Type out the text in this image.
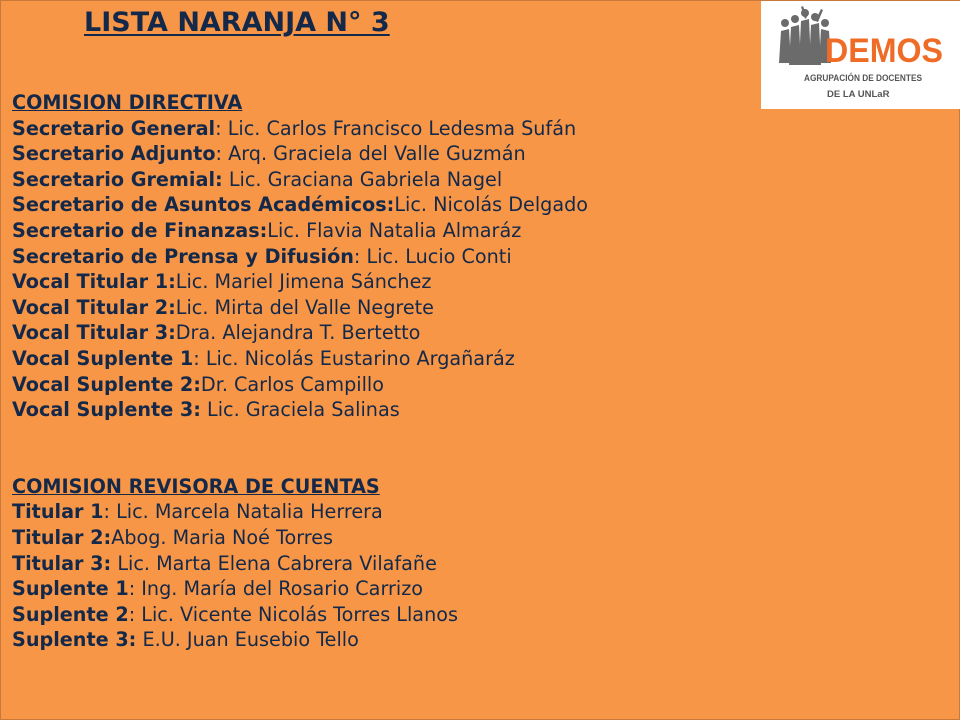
LISTA NARANJA N° 3
DEMOS
AGRUPACIÓN DE DOCENTES
DE LA UNLaR
COMISION DIRECTIVA
Secretario General: Lic. Carlos Francisco Ledesma Sufán
Secretario Adjunto: Arq. Graciela del Valle Guzmán
Secretario Gremial: Lic. Graciana Gabriela Nagel
Secretario de Asuntos Académicos:Lic. Nicolás Delgado
Secretario de Finanzas:Lic. Flavia Natalia Almaráz
Secretario de Prensa y Difusión: Lic. Lucio Conti
Vocal Titular 1:Lic. Mariel Jimena Sánchez
Vocal Titular 2:Lic. Mirta del Valle Negrete
Vocal Titular 3:Dra. Alejandra T. Bertetto
Vocal Suplente 1: Lic. Nicolás Eustarino Argañaráz
Vocal Suplente 2:Dr. Carlos Campillo
Vocal Suplente 3: Lic. Graciela Salinas
COMISION REVISORA DE CUENTAS
Titular 1: Lic. Marcela Natalia Herrera
Titular 2:Abog. Maria Noé Torres
Titular 3: Lic. Marta Elena Cabrera Vilafañe
Suplente 1: Ing. María del Rosario Carrizo
Suplente 2: Lic. Vicente Nicolás Torres Llanos
Suplente 3: E.U. Juan Eusebio Tello
